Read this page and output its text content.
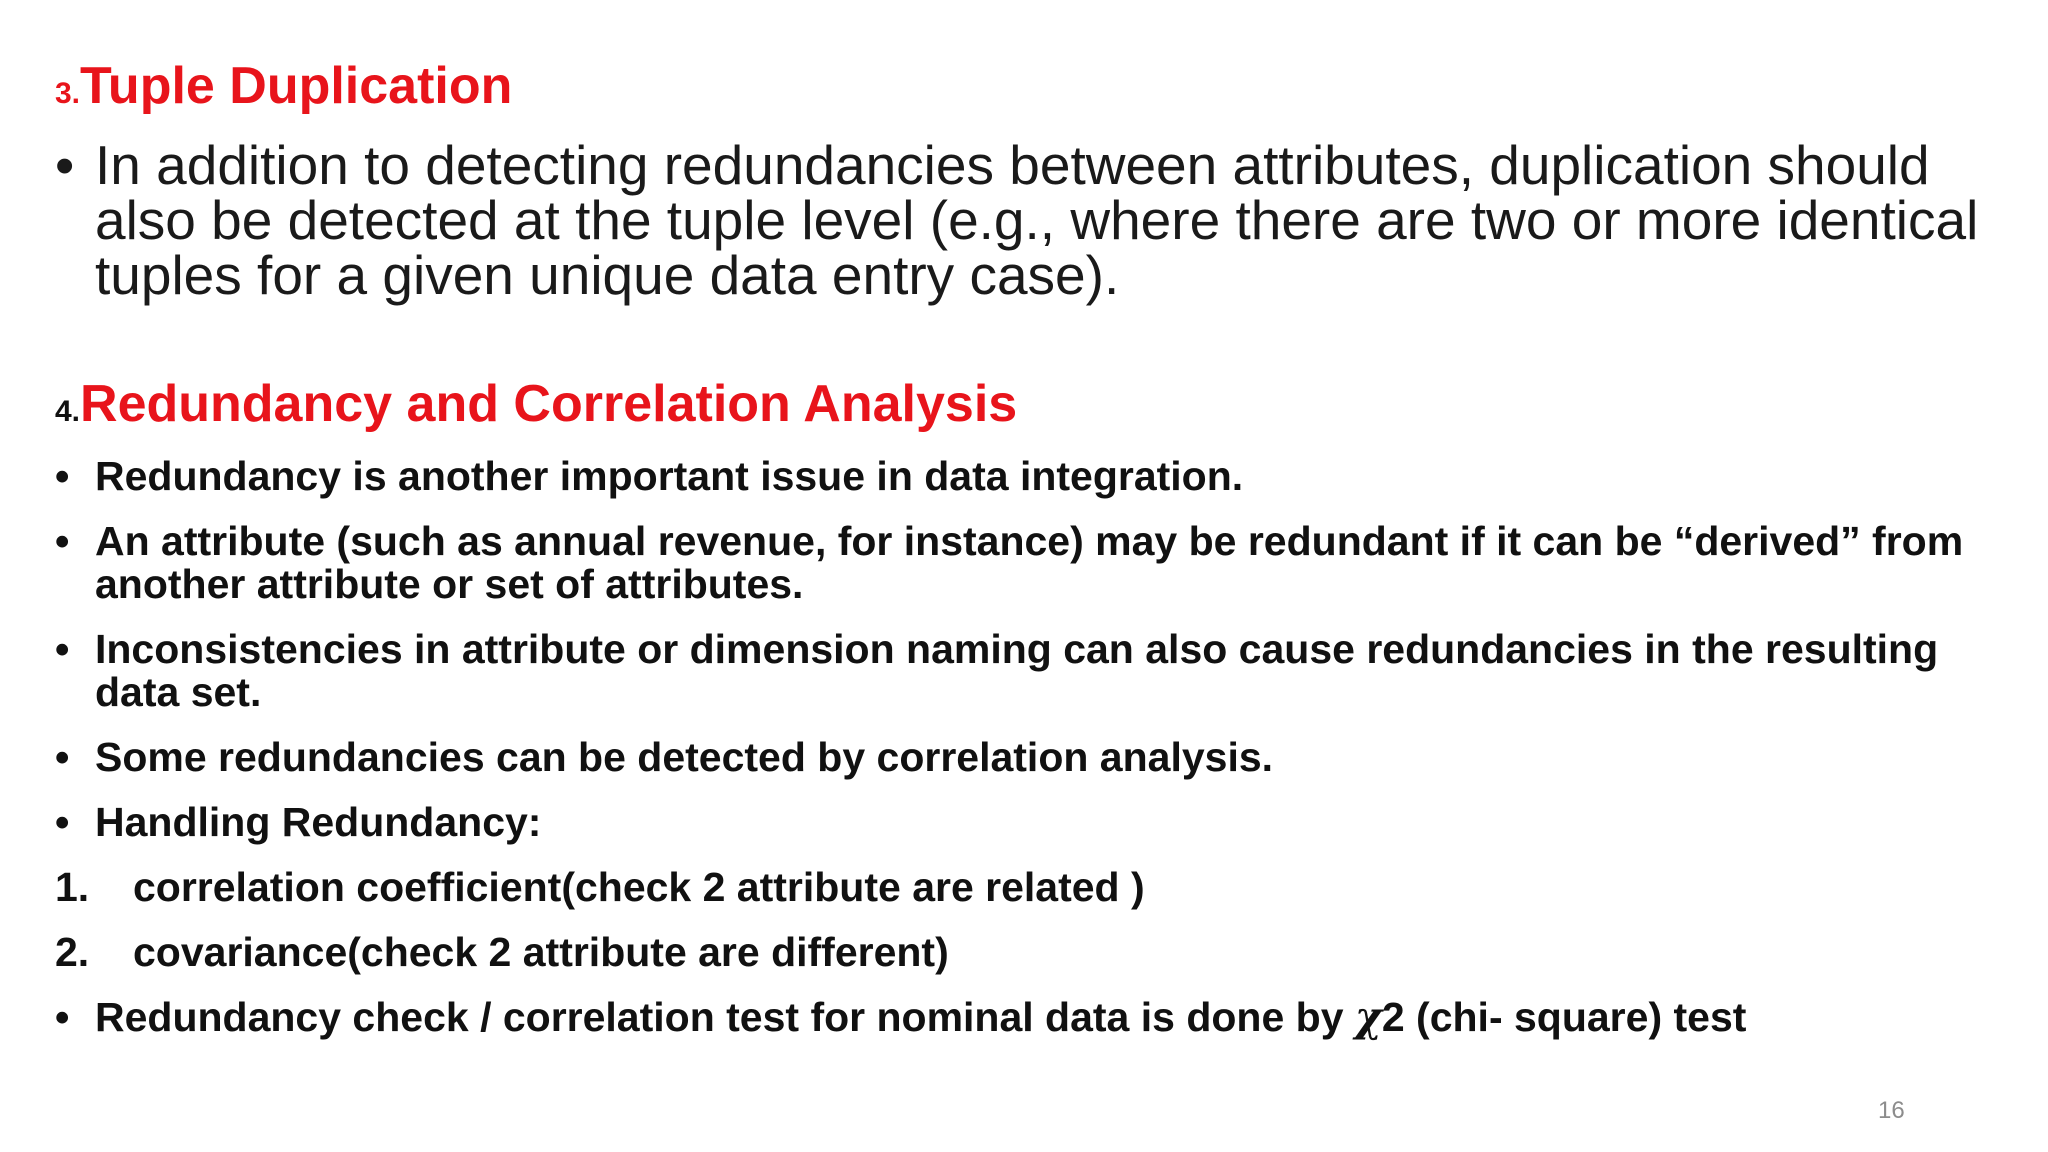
3.Tuple Duplication
• In addition to detecting redundancies between attributes, duplication should also be detected at the tuple level (e.g., where there are two or more identical tuples for a given unique data entry case).
4.Redundancy and Correlation Analysis
• Redundancy is another important issue in data integration.
• An attribute (such as annual revenue, for instance) may be redundant if it can be “derived” from another attribute or set of attributes.
• Inconsistencies in attribute or dimension naming can also cause redundancies in the resulting data set.
• Some redundancies can be detected by correlation analysis.
• Handling Redundancy:
1. correlation coefficient(check 2 attribute are related )
2. covariance(check 2 attribute are different)
• Redundancy check / correlation test for nominal data is done by χ2 (chi- square) test
16
